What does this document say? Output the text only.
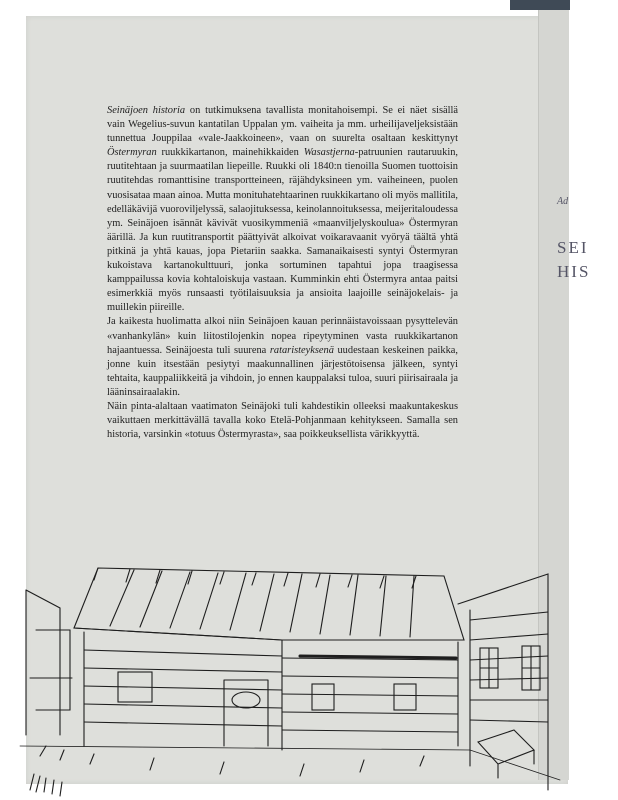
Ad
SEI
HIS

Seinäjoen historia on tutkimuksena tavallista monitahoisempi. Se ei näet sisällä vain Wegelius-suvun kantatilan Uppalan ym. vaiheita ja mm. urheilijaveljeksistään tunnettua Jouppilaa «vale-Jaakkoineen», vaan on suurelta osaltaan keskittynyt Östermyran ruukkikartanon, mainehikkaiden Wasastjerna-patruunien rautaruukin, ruutitehtaan ja suurmaatilan liepeille. Ruukki oli 1840:n tienoilla Suomen tuottoisin ruutitehdas romanttisine transportteineen, räjähdyksineen ym. vaiheineen, puolen vuosisataa maan ainoa. Mutta monituhatehtaarinen ruukkikartano oli myös mallitila, edelläkävijä vuoroviljelyssä, salaojituksessa, keinolannoituksessa, meijeritaloudessa ym. Seinäjoen isännät kävivät vuosikymmeniä «maanviljelyskouluа» Östermyran äärillä. Ja kun ruutitransportit päättyivät alkoivat voikaravaanit vyöryä täältä yhtä pitkinä ja yhtä kauas, jopa Pietariin saakka. Samanaikaisesti syntyi Östermyran kukoistava kartanokulttuuri, jonka sortuminen tapahtui jopa traagisessa kamppailussa kovia kohtaloiskuja vastaan. Kumminkin ehti Östermyra antaa paitsi esimerkkiä myös runsaasti työtilaisuuksia ja ansioita laajoille seinäjokelais- ja muillekin piireille.

Ja kaikesta huolimatta alkoi niin Seinäjoen kauan perinnäistavoissaan pysyttelevän «vanhankylän» kuin liitostilojenkin nopea ripeytyminen vasta ruukkikartanon hajaantuessa. Seinäjoesta tuli suurena rataristeyksenä uudestaan keskeinen paikka, jonne kuin itsestään pesiytyi maakunnallinen järjestötoisensa jälkeen, syntyi tehtaita, kauppaliikkeitä ja vihdoin, jo ennen kauppalaksi tuloa, suuri piirisairaala ja lääninsairaalakin.

Näin pinta-alaltaan vaatimaton Seinäjoki tuli kahdestikin olleeksi maakuntakeskus vaikuttaen merkittävällä tavalla koko Etelä-Pohjanmaan kehitykseen. Samalla sen historia, varsinkin «totuus Östermyrasta», saa poikkeuksellista värikkyyttä.
